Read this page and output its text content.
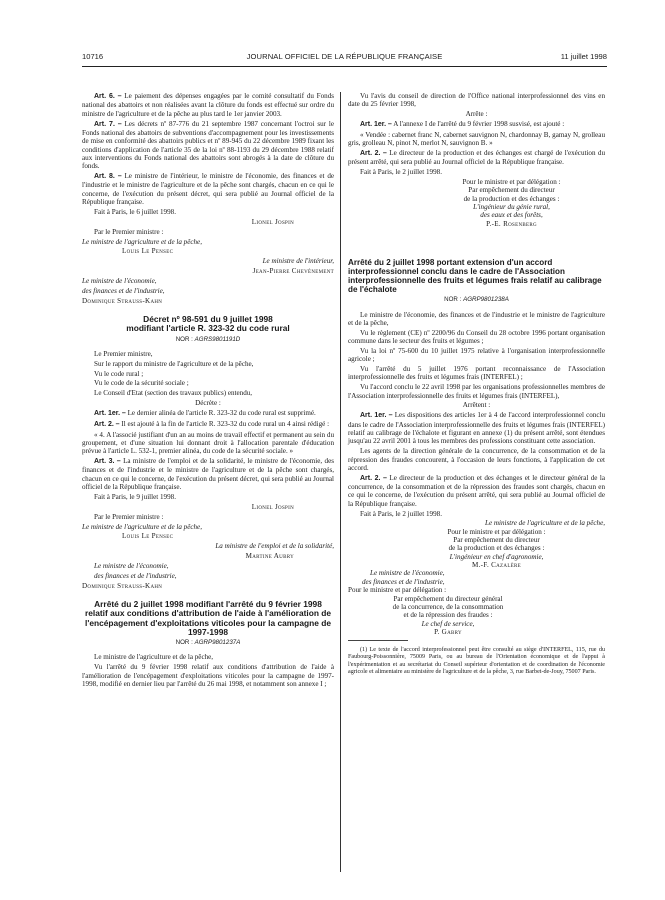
10716	JOURNAL OFFICIEL DE LA RÉPUBLIQUE FRANÇAISE	11 juillet 1998

Art. 6. – Le paiement des dépenses engagées par le comité consultatif du Fonds national des abattoirs et non réalisées avant la clôture du fonds est effectué sur ordre du ministre de l'agriculture et de la pêche au plus tard le 1er janvier 2003.

Art. 7. – Les décrets nº 87-776 du 21 septembre 1987 concernant l'octroi sur le Fonds national des abattoirs de subventions d'accompagnement pour les investissements de mise en conformité des abattoirs publics et nº 89-945 du 22 décembre 1989 fixant les conditions d'application de l'article 35 de la loi nº 88-1193 du 29 décembre 1988 relatif aux interventions du Fonds national des abattoirs sont abrogés à la date de clôture du fonds.

Art. 8. – Le ministre de l'intérieur, le ministre de l'économie, des finances et de l'industrie et le ministre de l'agriculture et de la pêche sont chargés, chacun en ce qui le concerne, de l'exécution du présent décret, qui sera publié au Journal officiel de la République française.

Fait à Paris, le 6 juillet 1998.

Lionel Jospin

Par le Premier ministre :

Le ministre de l'agriculture et de la pêche,

Louis Le Pensec

Le ministre de l'intérieur,

Jean-Pierre Chevènement

Le ministre de l'économie,

des finances et de l'industrie,

Dominique Strauss-Kahn

Décret nº 98-591 du 9 juillet 1998
modifiant l'article R. 323-32 du code rural
NOR : AGRS9801191D

Le Premier ministre,

Sur le rapport du ministre de l'agriculture et de la pêche,

Vu le code rural ;

Vu le code de la sécurité sociale ;

Le Conseil d'Etat (section des travaux publics) entendu,

Décrète :

Art. 1er. – Le dernier alinéa de l'article R. 323-32 du code rural est supprimé.

Art. 2. – Il est ajouté à la fin de l'article R. 323-32 du code rural un 4 ainsi rédigé :

« 4. A l'associé justifiant d'un an au moins de travail effectif et permanent au sein du groupement, et d'une situation lui donnant droit à l'allocation parentale d'éducation prévue à l'article L. 532-1, premier alinéa, du code de la sécurité sociale. »

Art. 3. – La ministre de l'emploi et de la solidarité, le ministre de l'économie, des finances et de l'industrie et le ministre de l'agriculture et de la pêche sont chargés, chacun en ce qui le concerne, de l'exécution du présent décret, qui sera publié au Journal officiel de la République française.

Fait à Paris, le 9 juillet 1998.

Lionel Jospin

Par le Premier ministre :

Le ministre de l'agriculture et de la pêche,

Louis Le Pensec

La ministre de l'emploi et de la solidarité,

Martine Aubry

Le ministre de l'économie,

des finances et de l'industrie,

Dominique Strauss-Kahn

Arrêté du 2 juillet 1998 modifiant l'arrêté du 9 février 1998 relatif aux conditions d'attribution de l'aide à l'amélioration de l'encépagement d'exploitations viticoles pour la campagne de 1997-1998
NOR : AGRP9801237A

Le ministre de l'agriculture et de la pêche,

Vu l'arrêté du 9 février 1998 relatif aux conditions d'attribution de l'aide à l'amélioration de l'encépagement d'exploitations viticoles pour la campagne de 1997-1998, modifié en dernier lieu par l'arrêté du 26 mai 1998, et notamment son annexe I ;

Vu l'avis du conseil de direction de l'Office national interprofessionnel des vins en date du 25 février 1998,

Arrête :

Art. 1er. – A l'annexe I de l'arrêté du 9 février 1998 susvisé, est ajouté :

« Vendée : cabernet franc N, cabernet sauvignon N, chardonnay B, gamay N, grolleau gris, grolleau N, pinot N, merlot N, sauvignon B. »

Art. 2. – Le directeur de la production et des échanges est chargé de l'exécution du présent arrêté, qui sera publié au Journal officiel de la République française.

Fait à Paris, le 2 juillet 1998.

Pour le ministre et par délégation :
Par empêchement du directeur
de la production et des échanges :
L'ingénieur du génie rural,
des eaux et des forêts,
P.-E. Rosenberg
Arrêté du 2 juillet 1998 portant extension d'un accord interprofessionnel conclu dans le cadre de l'Association interprofessionnelle des fruits et légumes frais relatif au calibrage de l'échalote
NOR : AGRP9801238A

Le ministre de l'économie, des finances et de l'industrie et le ministre de l'agriculture et de la pêche,

Vu le règlement (CE) nº 2200/96 du Conseil du 28 octobre 1996 portant organisation commune dans le secteur des fruits et légumes ;

Vu la loi nº 75-600 du 10 juillet 1975 relative à l'organisation interprofessionnelle agricole ;

Vu l'arrêté du 5 juillet 1976 portant reconnaissance de l'Association interprofessionnelle des fruits et légumes frais (INTERFEL) ;

Vu l'accord conclu le 22 avril 1998 par les organisations professionnelles membres de l'Association interprofessionnelle des fruits et légumes frais (INTERFEL),

Arrêtent :

Art. 1er. – Les dispositions des articles 1er à 4 de l'accord interprofessionnel conclu dans le cadre de l'Association interprofessionnelle des fruits et légumes frais (INTERFEL) relatif au calibrage de l'échalote et figurant en annexe (1) du présent arrêté, sont étendues jusqu'au 22 avril 2001 à tous les membres des professions constituant cette association.

Les agents de la direction générale de la concurrence, de la consommation et de la répression des fraudes concourent, à l'occasion de leurs fonctions, à l'application de cet accord.

Art. 2. – Le directeur de la production et des échanges et le directeur général de la concurrence, de la consommation et de la répression des fraudes sont chargés, chacun en ce qui le concerne, de l'exécution du présent arrêté, qui sera publié au Journal officiel de la République française.

Fait à Paris, le 2 juillet 1998.

Le ministre de l'agriculture et de la pêche,
Pour le ministre et par délégation :
Par empêchement du directeur
de la production et des échanges :
L'ingénieur en chef d'agronomie,
M.-F. Cazalère
Le ministre de l'économie,
des finances et de l'industrie,
Pour le ministre et par délégation :
Par empêchement du directeur général
de la concurrence, de la consommation
et de la répression des fraudes :
Le chef de service,
P. Gabry

(1) Le texte de l'accord interprofessionnel peut être consulté au siège d'INTERFEL, 115, rue du Faubourg-Poissonnière, 75009 Paris, ou au bureau de l'Orientation économique et de l'appui à l'expérimentation et au secrétariat du Conseil supérieur d'orientation et de coordination de l'économie agricole et alimentaire au ministère de l'agriculture et de la pêche, 3, rue Barbet-de-Jouy, 75007 Paris.
